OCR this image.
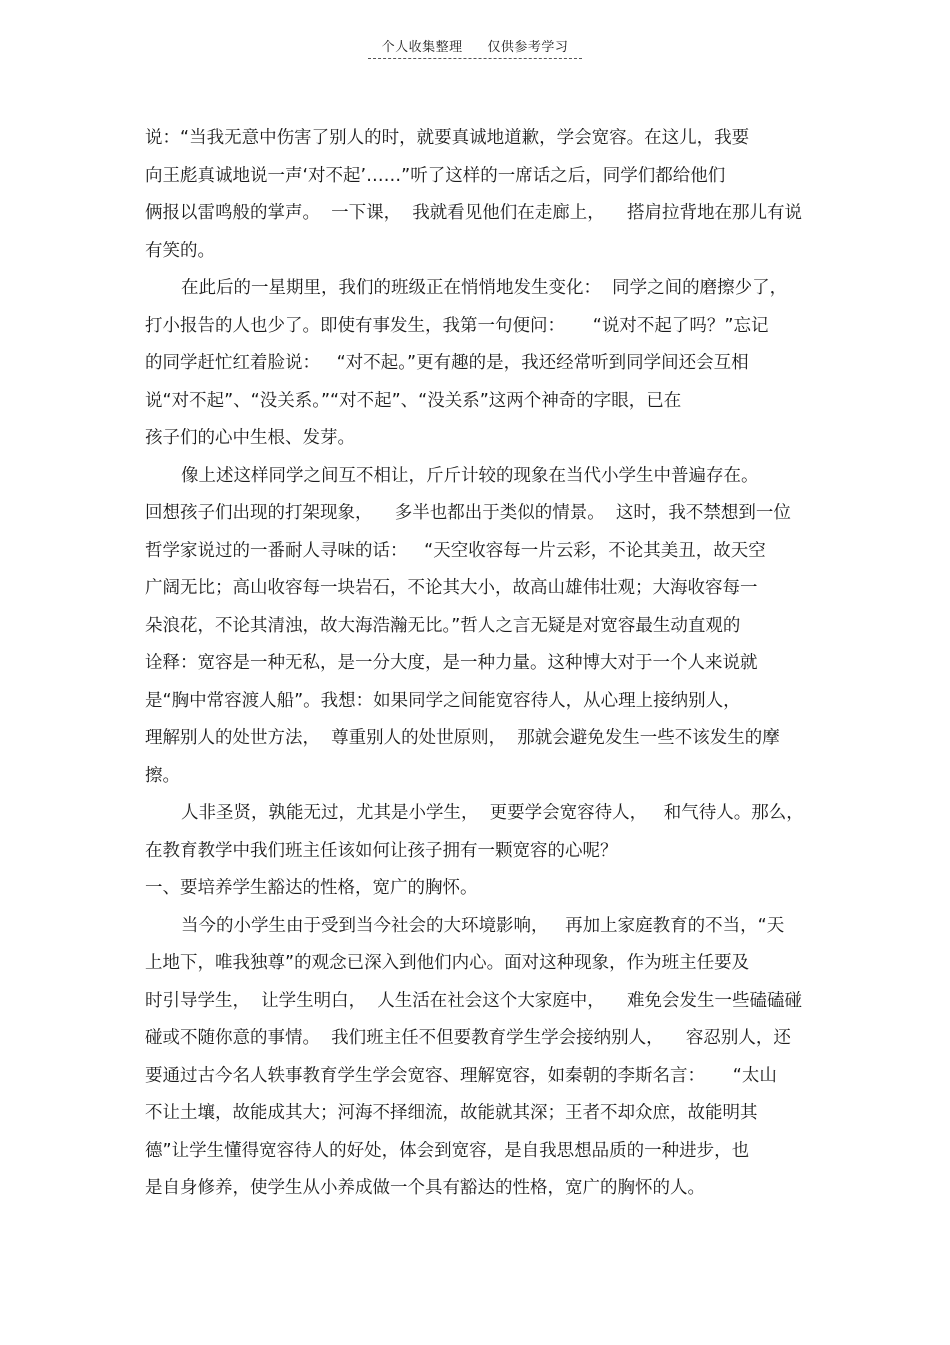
个人收集整理 仅供参考学习
说：“当我无意中伤害了别人的时，就要真诚地道歉，学会宽容。在这儿，我要
向王彪真诚地说一声‘对不起’……”听了这样的一席话之后，同学们都给他们
俩报以雷鸣般的掌声。  一下课，  我就看见他们在走廊上，    搭肩拉背地在那儿有说
有笑的。
在此后的一星期里，我们的班级正在悄悄地发生变化：  同学之间的磨擦少了，
打小报告的人也少了。即使有事发生，我第一句便问：     “说对不起了吗？”忘记
的同学赶忙红着脸说：   “对不起。”更有趣的是，我还经常听到同学间还会互相
说“对不起”、“没关系。”“对不起”、“没关系”这两个神奇的字眼，已在
孩子们的心中生根、发芽。
像上述这样同学之间互不相让，斤斤计较的现象在当代小学生中普遍存在。
回想孩子们出现的打架现象，    多半也都出于类似的情景。  这时，我不禁想到一位
哲学家说过的一番耐人寻味的话：   “天空收容每一片云彩，不论其美丑，故天空
广阔无比；高山收容每一块岩石，不论其大小，故高山雄伟壮观；大海收容每一
朵浪花，不论其清浊，故大海浩瀚无比。”哲人之言无疑是对宽容最生动直观的
诠释：宽容是一种无私，是一分大度，是一种力量。这种博大对于一个人来说就
是“胸中常容渡人船”。我想：如果同学之间能宽容待人，从心理上接纳别人，
理解别人的处世方法，  尊重别人的处世原则，  那就会避免发生一些不该发生的摩
擦。
人非圣贤，孰能无过，尤其是小学生，  更要学会宽容待人，   和气待人。那么，
在教育教学中我们班主任该如何让孩子拥有一颗宽容的心呢？
一、要培养学生豁达的性格，宽广的胸怀。
当今的小学生由于受到当今社会的大环境影响，   再加上家庭教育的不当，“天
上地下，唯我独尊”的观念已深入到他们内心。面对这种现象，作为班主任要及
时引导学生，  让学生明白，  人生活在社会这个大家庭中，    难免会发生一些磕磕碰
碰或不随你意的事情。  我们班主任不但要教育学生学会接纳别人，    容忍别人，还
要通过古今名人轶事教育学生学会宽容、理解宽容，如秦朝的李斯名言：     “太山
不让土壤，故能成其大；河海不择细流，故能就其深；王者不却众庶，故能明其
德”让学生懂得宽容待人的好处，体会到宽容，是自我思想品质的一种进步，也
是自身修养，使学生从小养成做一个具有豁达的性格，宽广的胸怀的人。
